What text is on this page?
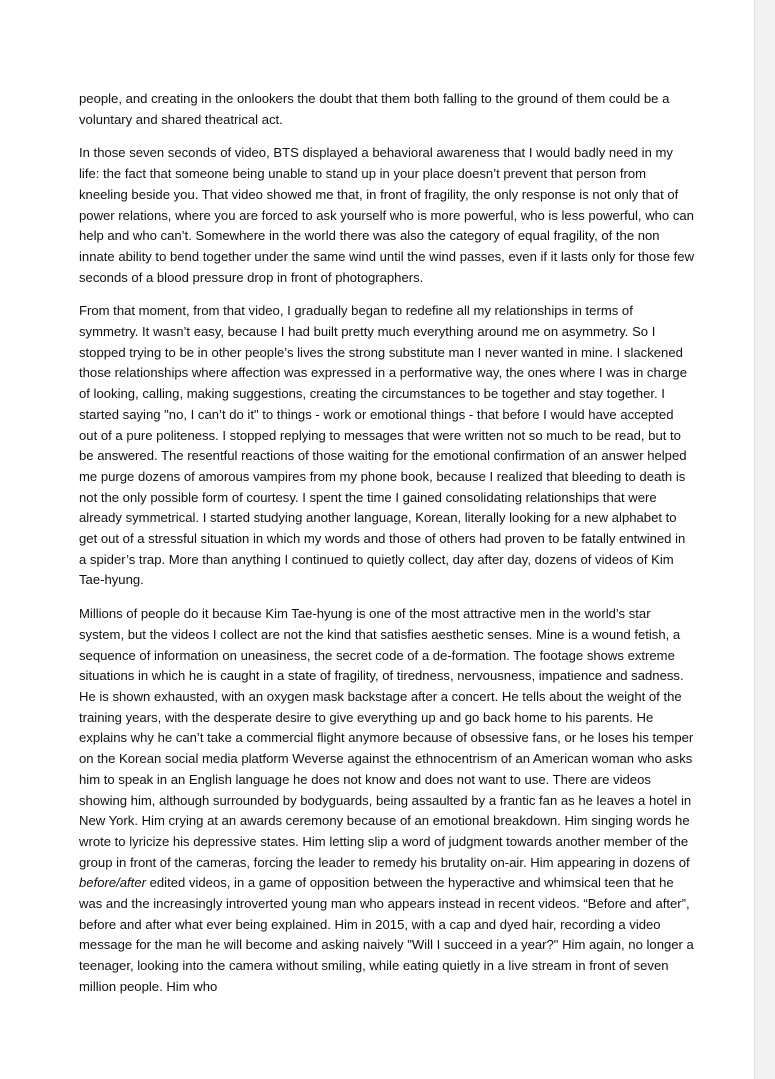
people, and creating in the onlookers the doubt that them both falling to the ground of them could be a voluntary and shared theatrical act.

In those seven seconds of video, BTS displayed a behavioral awareness that I would badly need in my life: the fact that someone being unable to stand up in your place doesn’t prevent that person from kneeling beside you. That video showed me that, in front of fragility, the only response is not only that of power relations, where you are forced to ask yourself who is more powerful, who is less powerful, who can help and who can’t. Somewhere in the world there was also the category of equal fragility, of the non innate ability to bend together under the same wind until the wind passes, even if it lasts only for those few seconds of a blood pressure drop in front of photographers.

From that moment, from that video, I gradually began to redefine all my relationships in terms of symmetry. It wasn’t easy, because I had built pretty much everything around me on asymmetry. So I stopped trying to be in other people’s lives the strong substitute man I never wanted in mine. I slackened those relationships where affection was expressed in a performative way, the ones where I was in charge of looking, calling, making suggestions, creating the circumstances to be together and stay together. I started saying "no, I can’t do it" to things - work or emotional things - that before I would have accepted out of a pure politeness. I stopped replying to messages that were written not so much to be read, but to be answered. The resentful reactions of those waiting for the emotional confirmation of an answer helped me purge dozens of amorous vampires from my phone book, because I realized that bleeding to death is not the only possible form of courtesy. I spent the time I gained consolidating relationships that were already symmetrical. I started studying another language, Korean, literally looking for a new alphabet to get out of a stressful situation in which my words and those of others had proven to be fatally entwined in a spider’s trap. More than anything I continued to quietly collect, day after day, dozens of videos of Kim Tae-hyung.

Millions of people do it because Kim Tae-hyung is one of the most attractive men in the world’s star system, but the videos I collect are not the kind that satisfies aesthetic senses. Mine is a wound fetish, a sequence of information on uneasiness, the secret code of a de-formation. The footage shows extreme situations in which he is caught in a state of fragility, of tiredness, nervousness, impatience and sadness. He is shown exhausted, with an oxygen mask backstage after a concert. He tells about the weight of the training years, with the desperate desire to give everything up and go back home to his parents. He explains why he can’t take a commercial flight anymore because of obsessive fans, or he loses his temper on the Korean social media platform Weverse against the ethnocentrism of an American woman who asks him to speak in an English language he does not know and does not want to use. There are videos showing him, although surrounded by bodyguards, being assaulted by a frantic fan as he leaves a hotel in New York. Him crying at an awards ceremony because of an emotional breakdown. Him singing words he wrote to lyricize his depressive states. Him letting slip a word of judgment towards another member of the group in front of the cameras, forcing the leader to remedy his brutality on-air. Him appearing in dozens of before/after edited videos, in a game of opposition between the hyperactive and whimsical teen that he was and the increasingly introverted young man who appears instead in recent videos. “Before and after”, before and after what ever being explained. Him in 2015, with a cap and dyed hair, recording a video message for the man he will become and asking naively "Will I succeed in a year?" Him again, no longer a teenager, looking into the camera without smiling, while eating quietly in a live stream in front of seven million people. Him who
